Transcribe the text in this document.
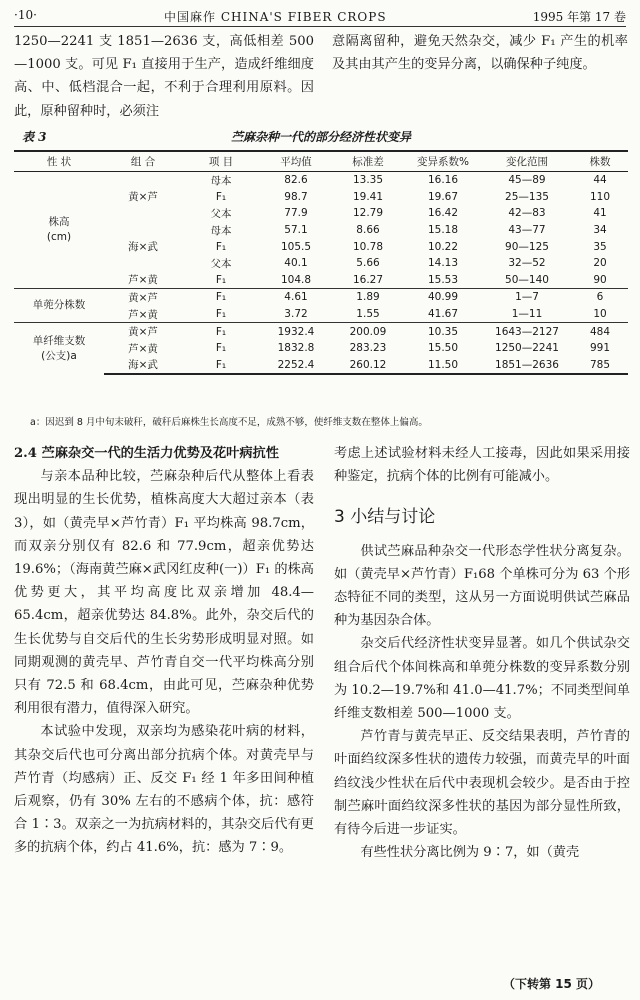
·10·	中国麻作 CHINA'S FIBER CROPS	1995 年第 17 卷

1250—2241 支 1851—2636 支，高低相差 500—1000 支。可见 F₁ 直接用于生产，造成纤维细度高、中、低档混合一起，不利于合理利用原料。因此，原种留种时，必须注

意隔离留种，避免天然杂交，减少 F₁ 产生的机率及其由其产生的变异分离，以确保种子纯度。

苎麻杂种一代的部分经济性状变异
表 3
性 状	组 合	项 目	平均值	标准差	变异系数%	变化范围	株数
株高
(cm)	黄×芦	母本	82.6	13.35	16.16	45—89	44
		F₁	98.7	19.41	19.67	25—135	110
		父本	77.9	12.79	16.42	42—83	41
	海×武	母本	57.1	8.66	15.18	43—77	34
		F₁	105.5	10.78	10.22	90—125	35
		父本	40.1	5.66	14.13	32—52	20
	芦×黄	F₁	104.8	16.27	15.53	50—140	90
单蔸分株数	黄×芦	F₁	4.61	1.89	40.99	1—7	6
	芦×黄	F₁	3.72	1.55	41.67	1—11	10
单纤维支数
(公支)a	黄×芦	F₁	1932.4	200.09	10.35	1643—2127	484
	芦×黄	F₁	1832.8	283.23	15.50	1250—2241	991
	海×武	F₁	2252.4	260.12	11.50	1851—2636	785
a：因迟到 8 月中旬末破秆，破秆后麻株生长高度不足，成熟不够，使纤维支数在整体上偏高。

2.4 苎麻杂交一代的生活力优势及花叶病抗性

与亲本品种比较，苎麻杂种后代从整体上看表现出明显的生长优势，植株高度大大超过亲本（表 3），如（黄壳早×芦竹青）F₁ 平均株高 98.7cm，而双亲分别仅有 82.6 和 77.9cm，超亲优势达 19.6%；（海南黄苎麻×武冈红皮种(一)）F₁ 的株高优势更大，其平均高度比双亲增加 48.4—65.4cm，超亲优势达 84.8%。此外，杂交后代的生长优势与自交后代的生长劣势形成明显对照。如同期观测的黄壳早、芦竹青自交一代平均株高分别只有 72.5 和 68.4cm，由此可见，苎麻杂种优势利用很有潜力，值得深入研究。

本试验中发现，双亲均为感染花叶病的材料，其杂交后代也可分离出部分抗病个体。对黄壳早与芦竹青（均感病）正、反交 F₁ 经 1 年多田间种植后观察，仍有 30% 左右的不感病个体，抗：感符合 1∶3。双亲之一为抗病材料的，其杂交后代有更多的抗病个体，约占 41.6%，抗：感为 7∶9。

考虑上述试验材料未经人工接毒，因此如果采用接种鉴定，抗病个体的比例有可能减小。

3 小结与讨论

供试苎麻品种杂交一代形态学性状分离复杂。如（黄壳早×芦竹青）F₁68 个单株可分为 63 个形态特征不同的类型，这从另一方面说明供试苎麻品种为基因杂合体。

杂交后代经济性状变异显著。如几个供试杂交组合后代个体间株高和单蔸分株数的变异系数分别为 10.2—19.7%和 41.0—41.7%；不同类型间单纤维支数相差 500—1000 支。

芦竹青与黄壳早正、反交结果表明，芦竹青的叶面绉纹深多性状的遗传力较强，而黄壳早的叶面绉纹浅少性状在后代中表现机会较少。是否由于控制苎麻叶面绉纹深多性状的基因为部分显性所致，有待今后进一步证实。

有些性状分离比例为 9∶7，如（黄壳

（下转第 15 页）
